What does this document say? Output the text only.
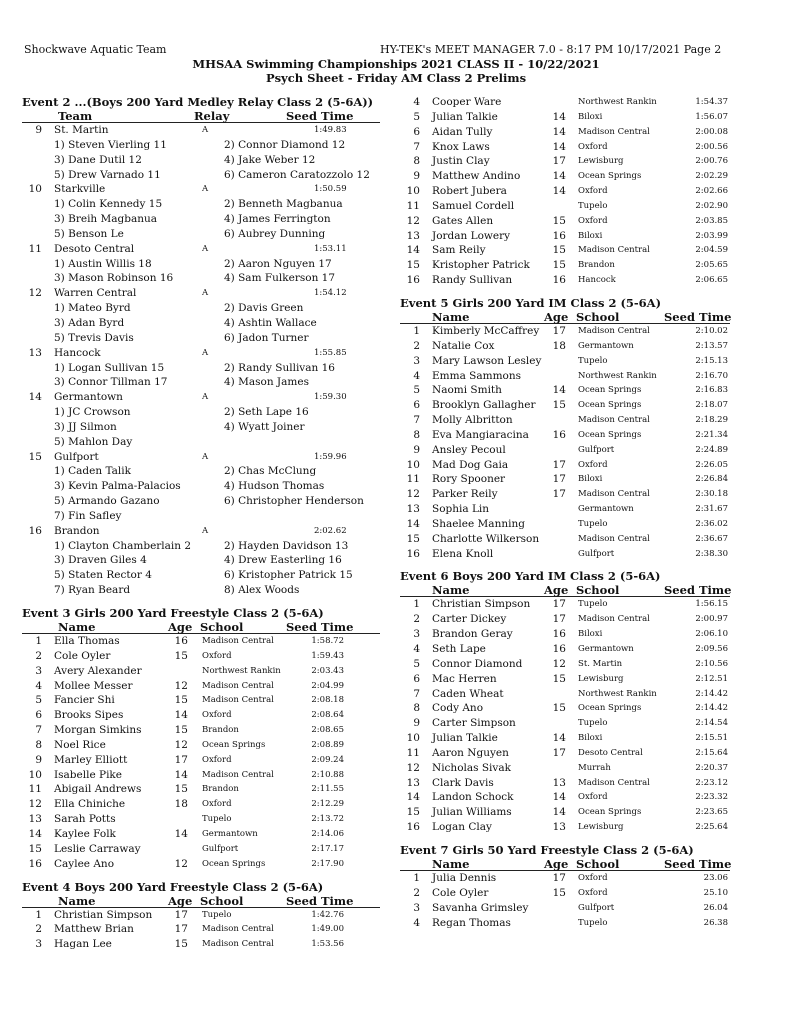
Shockwave Aquatic Team	HY-TEK's MEET MANAGER 7.0 - 8:17 PM 10/17/2021 Page 2
MHSAA Swimming Championships 2021 CLASS II - 10/22/2021
Psych Sheet - Friday AM Class 2 Prelims
Event 2 ...(Boys 200 Yard Medley Relay Class 2 (5-6A))
Team	Relay	Seed Time
9 St. Martin	A	1:49.83
1) Steven Vierling 11	2) Connor Diamond 12
3) Dane Dutil 12	4) Jake Weber 12
5) Drew Varnado 11	6) Cameron Caratozzolo 12
10 Starkville	A	1:50.59
1) Colin Kennedy 15	2) Benneth Magbanua
3) Breih Magbanua	4) James Ferrington
5) Benson Le	6) Aubrey Dunning
11 Desoto Central	A	1:53.11
1) Austin Willis 18	2) Aaron Nguyen 17
3) Mason Robinson 16	4) Sam Fulkerson 17
12 Warren Central	A	1:54.12
1) Mateo Byrd	2) Davis Green
3) Adan Byrd	4) Ashtin Wallace
5) Trevis Davis	6) Jadon Turner
13 Hancock	A	1:55.85
1) Logan Sullivan 15	2) Randy Sullivan 16
3) Connor Tillman 17	4) Mason James
14 Germantown	A	1:59.30
1) JC Crowson	2) Seth Lape 16
3) JJ Silmon	4) Wyatt Joiner
5) Mahlon Day
15 Gulfport	A	1:59.96
1) Caden Talik	2) Chas McClung
3) Kevin Palma-Palacios	4) Hudson Thomas
5) Armando Gazano	6) Christopher Henderson
7) Fin Safley
16 Brandon	A	2:02.62
1) Clayton Chamberlain 2	2) Hayden Davidson 13
3) Draven Giles 4	4) Drew Easterling 16
5) Staten Rector 4	6) Kristopher Patrick 15
7) Ryan Beard	8) Alex Woods
Event 3 Girls 200 Yard Freestyle Class 2 (5-6A)
Name	Age School	Seed Time
1 Ella Thomas	16 Madison Central	1:58.72
2 Cole Oyler	15 Oxford	1:59.43
3 Avery Alexander	Northwest Rankin	2:03.43
4 Mollee Messer	12 Madison Central	2:04.99
5 Fancier Shi	15 Madison Central	2:08.18
6 Brooks Sipes	14 Oxford	2:08.64
7 Morgan Simkins	15 Brandon	2:08.65
8 Noel Rice	12 Ocean Springs	2:08.89
9 Marley Elliott	17 Oxford	2:09.24
10 Isabelle Pike	14 Madison Central	2:10.88
11 Abigail Andrews	15 Brandon	2:11.55
12 Ella Chiniche	18 Oxford	2:12.29
13 Sarah Potts	Tupelo	2:13.72
14 Kaylee Folk	14 Germantown	2:14.06
15 Leslie Carraway	Gulfport	2:17.17
16 Caylee Ano	12 Ocean Springs	2:17.90
Event 4 Boys 200 Yard Freestyle Class 2 (5-6A)
Name	Age School	Seed Time
1 Christian Simpson 17 Tupelo	1:42.76
2 Matthew Brian	17 Madison Central	1:49.00
3 Hagan Lee	15 Madison Central	1:53.56
4 Cooper Ware	Northwest Rankin	1:54.37
5 Julian Talkie	14 Biloxi	1:56.07
6 Aidan Tully	14 Madison Central	2:00.08
7 Knox Laws	14 Oxford	2:00.56
8 Justin Clay	17 Lewisburg	2:00.76
9 Matthew Andino	14 Ocean Springs	2:02.29
10 Robert Jubera	14 Oxford	2:02.66
11 Samuel Cordell	Tupelo	2:02.90
12 Gates Allen	15 Oxford	2:03.85
13 Jordan Lowery	16 Biloxi	2:03.99
14 Sam Reily	15 Madison Central	2:04.59
15 Kristopher Patrick 15 Brandon	2:05.65
16 Randy Sullivan	16 Hancock	2:06.65
Event 5 Girls 200 Yard IM Class 2 (5-6A)
Name	Age School	Seed Time
1 Kimberly McCaffrey 17 Madison Central	2:10.02
2 Natalie Cox	18 Germantown	2:13.57
3 Mary Lawson Lesley	Tupelo	2:15.13
4 Emma Sammons	Northwest Rankin	2:16.70
5 Naomi Smith	14 Ocean Springs	2:16.83
6 Brooklyn Gallagher 15 Ocean Springs	2:18.07
7 Molly Albritton	Madison Central	2:18.29
8 Eva Mangiaracina 16 Ocean Springs	2:21.34
9 Ansley Pecoul	Gulfport	2:24.89
10 Mad Dog Gaia	17 Oxford	2:26.05
11 Rory Spooner	17 Biloxi	2:26.84
12 Parker Reily	17 Madison Central	2:30.18
13 Sophia Lin	Germantown	2:31.67
14 Shaelee Manning	Tupelo	2:36.02
15 Charlotte Wilkerson	Madison Central	2:36.67
16 Elena Knoll	Gulfport	2:38.30
Event 6 Boys 200 Yard IM Class 2 (5-6A)
Name	Age School	Seed Time
1 Christian Simpson 17 Tupelo	1:56.15
2 Carter Dickey	17 Madison Central	2:00.97
3 Brandon Geray	16 Biloxi	2:06.10
4 Seth Lape	16 Germantown	2:09.56
5 Connor Diamond	12 St. Martin	2:10.56
6 Mac Herren	15 Lewisburg	2:12.51
7 Caden Wheat	Northwest Rankin	2:14.42
8 Cody Ano	15 Ocean Springs	2:14.42
9 Carter Simpson	Tupelo	2:14.54
10 Julian Talkie	14 Biloxi	2:15.51
11 Aaron Nguyen	17 Desoto Central	2:15.64
12 Nicholas Sivak	Murrah	2:20.37
13 Clark Davis	13 Madison Central	2:23.12
14 Landon Schock	14 Oxford	2:23.32
15 Julian Williams	14 Ocean Springs	2:23.65
16 Logan Clay	13 Lewisburg	2:25.64
Event 7 Girls 50 Yard Freestyle Class 2 (5-6A)
Name	Age School	Seed Time
1 Julia Dennis	17 Oxford	23.06
2 Cole Oyler	15 Oxford	25.10
3 Savanha Grimsley	Gulfport	26.04
4 Regan Thomas	Tupelo	26.38
